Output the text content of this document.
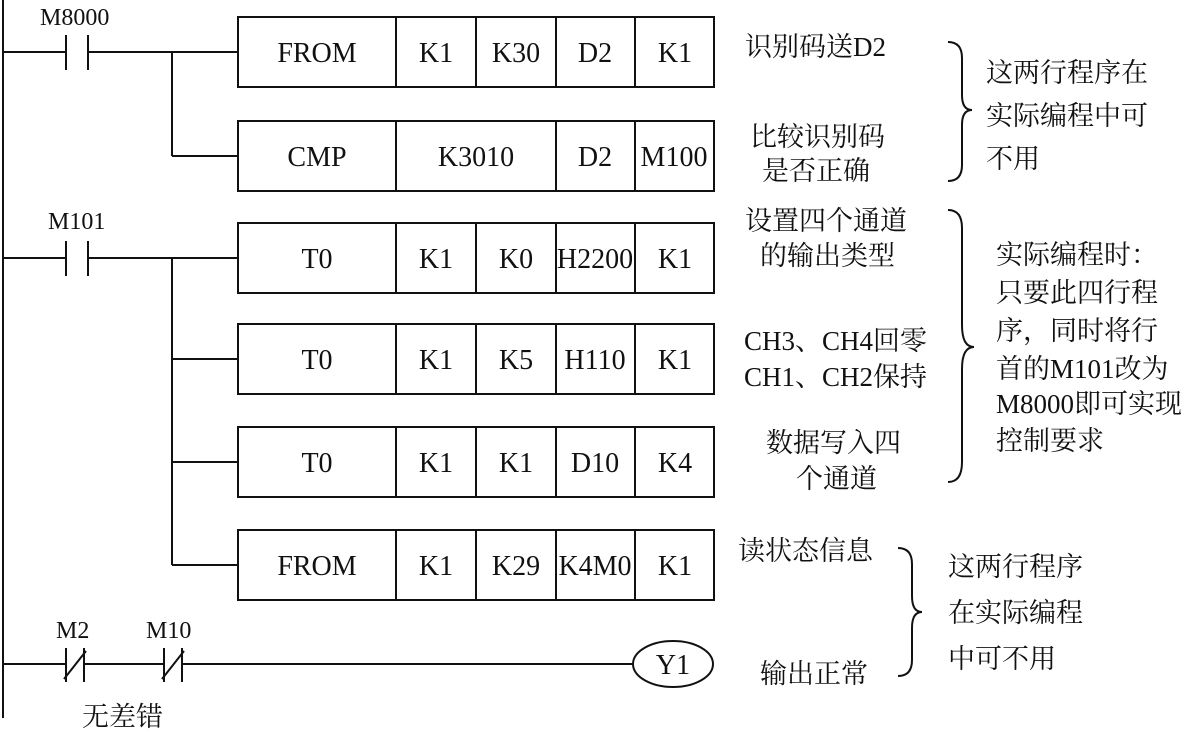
M8000
FROM K1 K30 D2 K1 识别码送D2
CMP	K3010 D2 M100
比较识别码
是否正确
这两行程序在
实际编程中可
不用
M101
T0	K1 K0 H2200 K1
设置四个通道
的输出类型
T0	K1 K5 H110 K1
CH3、CH4回零
CH1、CH2保持
T0	K1 K1 D10 K4
数据写入四
个通道
FROM K1 K29 K4M0 K1 读状态信息
实际编程时：
只要此四行程
序，同时将行
首的M101改为
M8000即可实现
控制要求
M2 M10
Y1	输出正常
无差错
这两行程序
在实际编程
中可不用
